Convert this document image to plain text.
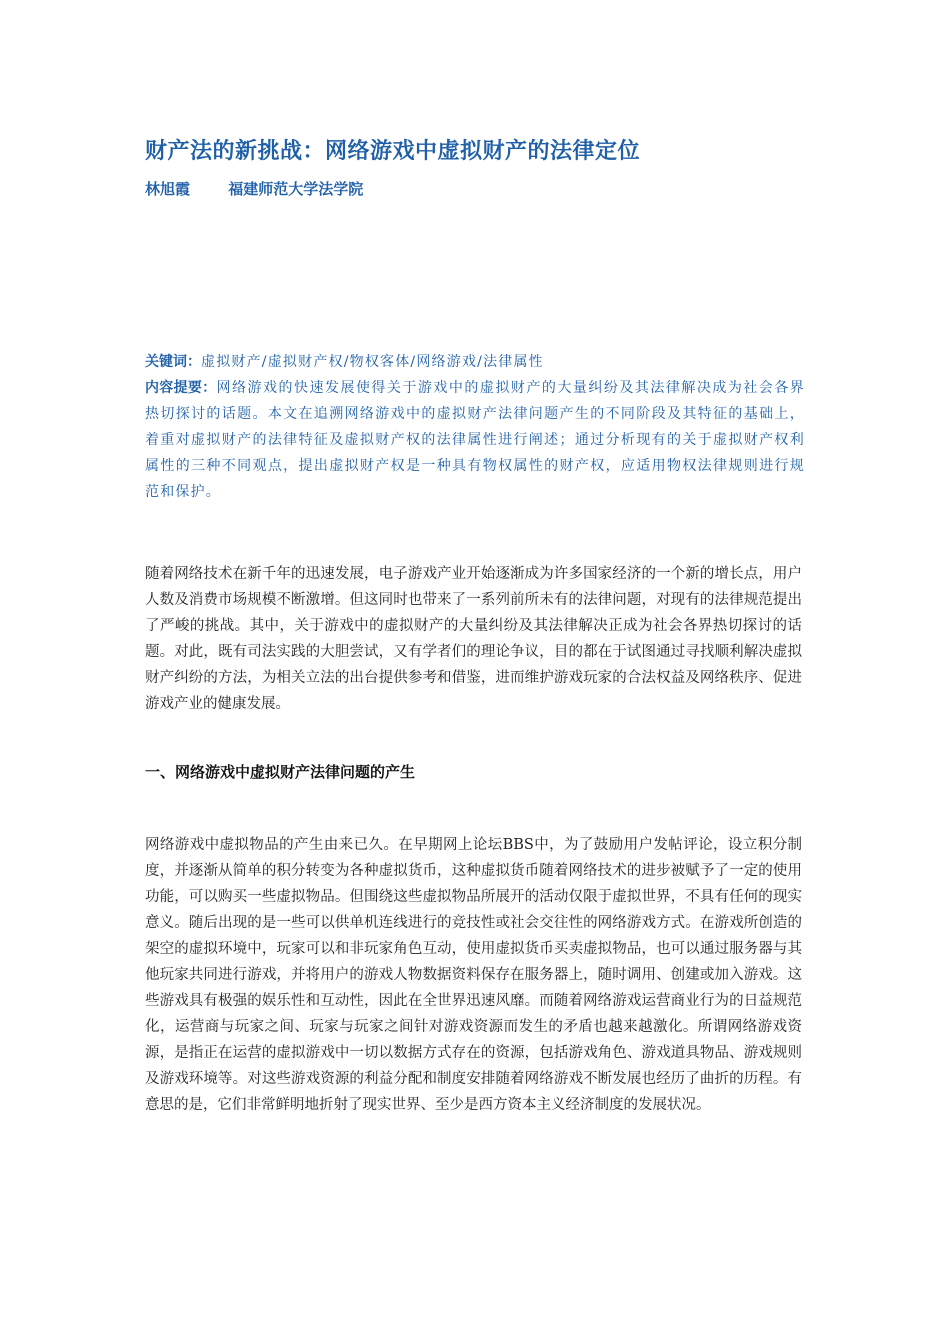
财产法的新挑战：网络游戏中虚拟财产的法律定位
林旭霞	福建师范大学法学院

关键词：虚拟财产/虚拟财产权/物权客体/网络游戏/法律属性

内容提要：网络游戏的快速发展使得关于游戏中的虚拟财产的大量纠纷及其法律解决成为社会各界热切探讨的话题。本文在追溯网络游戏中的虚拟财产法律问题产生的不同阶段及其特征的基础上，着重对虚拟财产的法律特征及虚拟财产权的法律属性进行阐述；通过分析现有的关于虚拟财产权利属性的三种不同观点，提出虚拟财产权是一种具有物权属性的财产权，应适用物权法律规则进行规范和保护。

随着网络技术在新千年的迅速发展，电子游戏产业开始逐渐成为许多国家经济的一个新的增长点，用户人数及消费市场规模不断激增。但这同时也带来了一系列前所未有的法律问题，对现有的法律规范提出了严峻的挑战。其中，关于游戏中的虚拟财产的大量纠纷及其法律解决正成为社会各界热切探讨的话题。对此，既有司法实践的大胆尝试，又有学者们的理论争议，目的都在于试图通过寻找顺利解决虚拟财产纠纷的方法，为相关立法的出台提供参考和借鉴，进而维护游戏玩家的合法权益及网络秩序、促进游戏产业的健康发展。

一、网络游戏中虚拟财产法律问题的产生

网络游戏中虚拟物品的产生由来已久。在早期网上论坛BBS中，为了鼓励用户发帖评论，设立积分制度，并逐渐从简单的积分转变为各种虚拟货币，这种虚拟货币随着网络技术的进步被赋予了一定的使用功能，可以购买一些虚拟物品。但围绕这些虚拟物品所展开的活动仅限于虚拟世界，不具有任何的现实意义。随后出现的是一些可以供单机连线进行的竞技性或社会交往性的网络游戏方式。在游戏所创造的架空的虚拟环境中，玩家可以和非玩家角色互动，使用虚拟货币买卖虚拟物品，也可以通过服务器与其他玩家共同进行游戏，并将用户的游戏人物数据资料保存在服务器上，随时调用、创建或加入游戏。这些游戏具有极强的娱乐性和互动性，因此在全世界迅速风靡。而随着网络游戏运营商业行为的日益规范化，运营商与玩家之间、玩家与玩家之间针对游戏资源而发生的矛盾也越来越激化。所谓网络游戏资源，是指正在运营的虚拟游戏中一切以数据方式存在的资源，包括游戏角色、游戏道具物品、游戏规则及游戏环境等。对这些游戏资源的利益分配和制度安排随着网络游戏不断发展也经历了曲折的历程。有意思的是，它们非常鲜明地折射了现实世界、至少是西方资本主义经济制度的发展状况。
